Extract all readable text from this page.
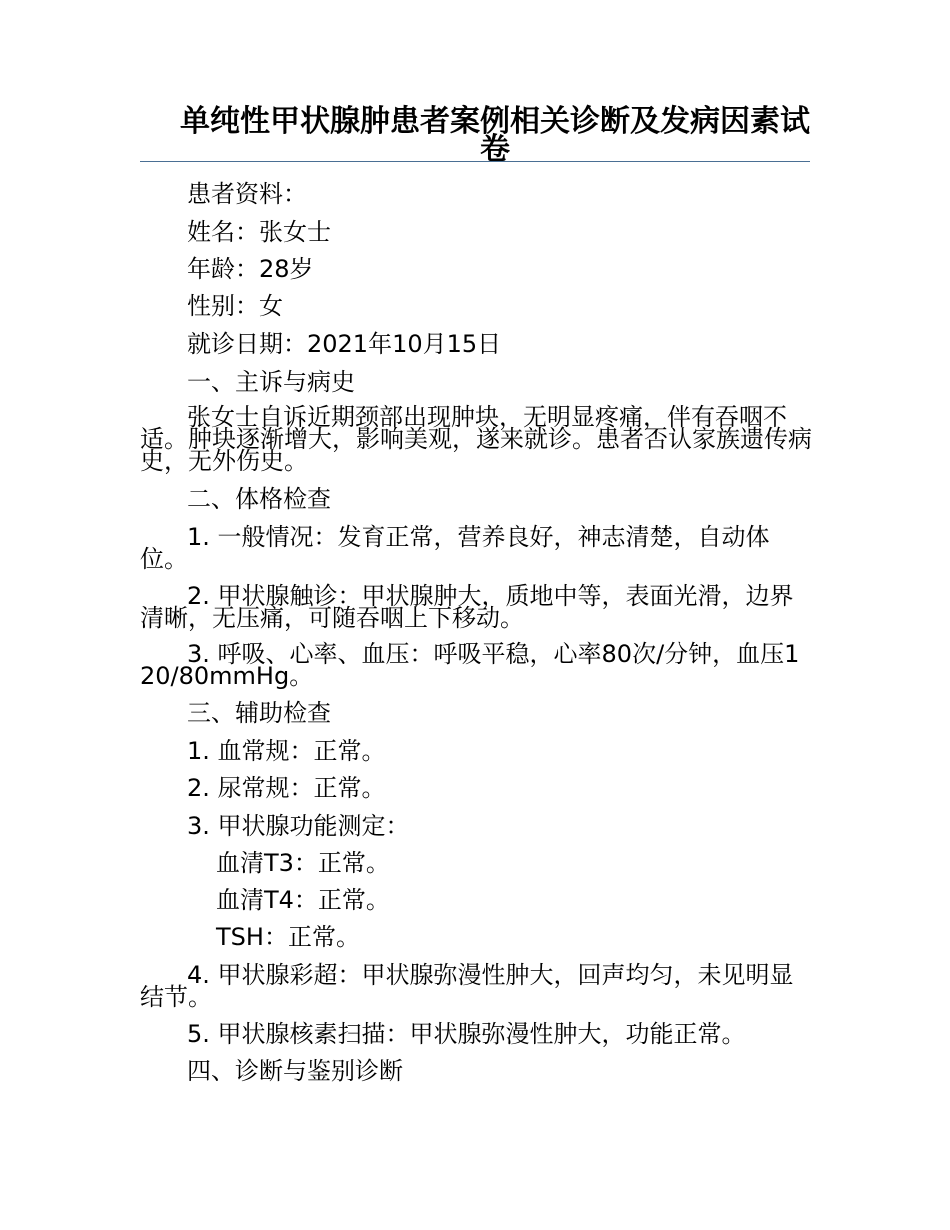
单纯性甲状腺肿患者案例相关诊断及发病因素试卷

患者资料：

姓名：张女士

年龄：28岁

性别：女

就诊日期：2021年10月15日

一、主诉与病史

张女士自诉近期颈部出现肿块，无明显疼痛，伴有吞咽不适。肿块逐渐增大，影响美观，遂来就诊。患者否认家族遗传病史，无外伤史。

二、体格检查

1. 一般情况：发育正常，营养良好，神志清楚，自动体位。

2. 甲状腺触诊：甲状腺肿大，质地中等，表面光滑，边界清晰，无压痛，可随吞咽上下移动。

3. 呼吸、心率、血压：呼吸平稳，心率80次/分钟，血压120/80mmHg。

三、辅助检查

1. 血常规：正常。

2. 尿常规：正常。

3. 甲状腺功能测定：

血清T3：正常。

血清T4：正常。

TSH：正常。

4. 甲状腺彩超：甲状腺弥漫性肿大，回声均匀，未见明显结节。

5. 甲状腺核素扫描：甲状腺弥漫性肿大，功能正常。

四、诊断与鉴别诊断
